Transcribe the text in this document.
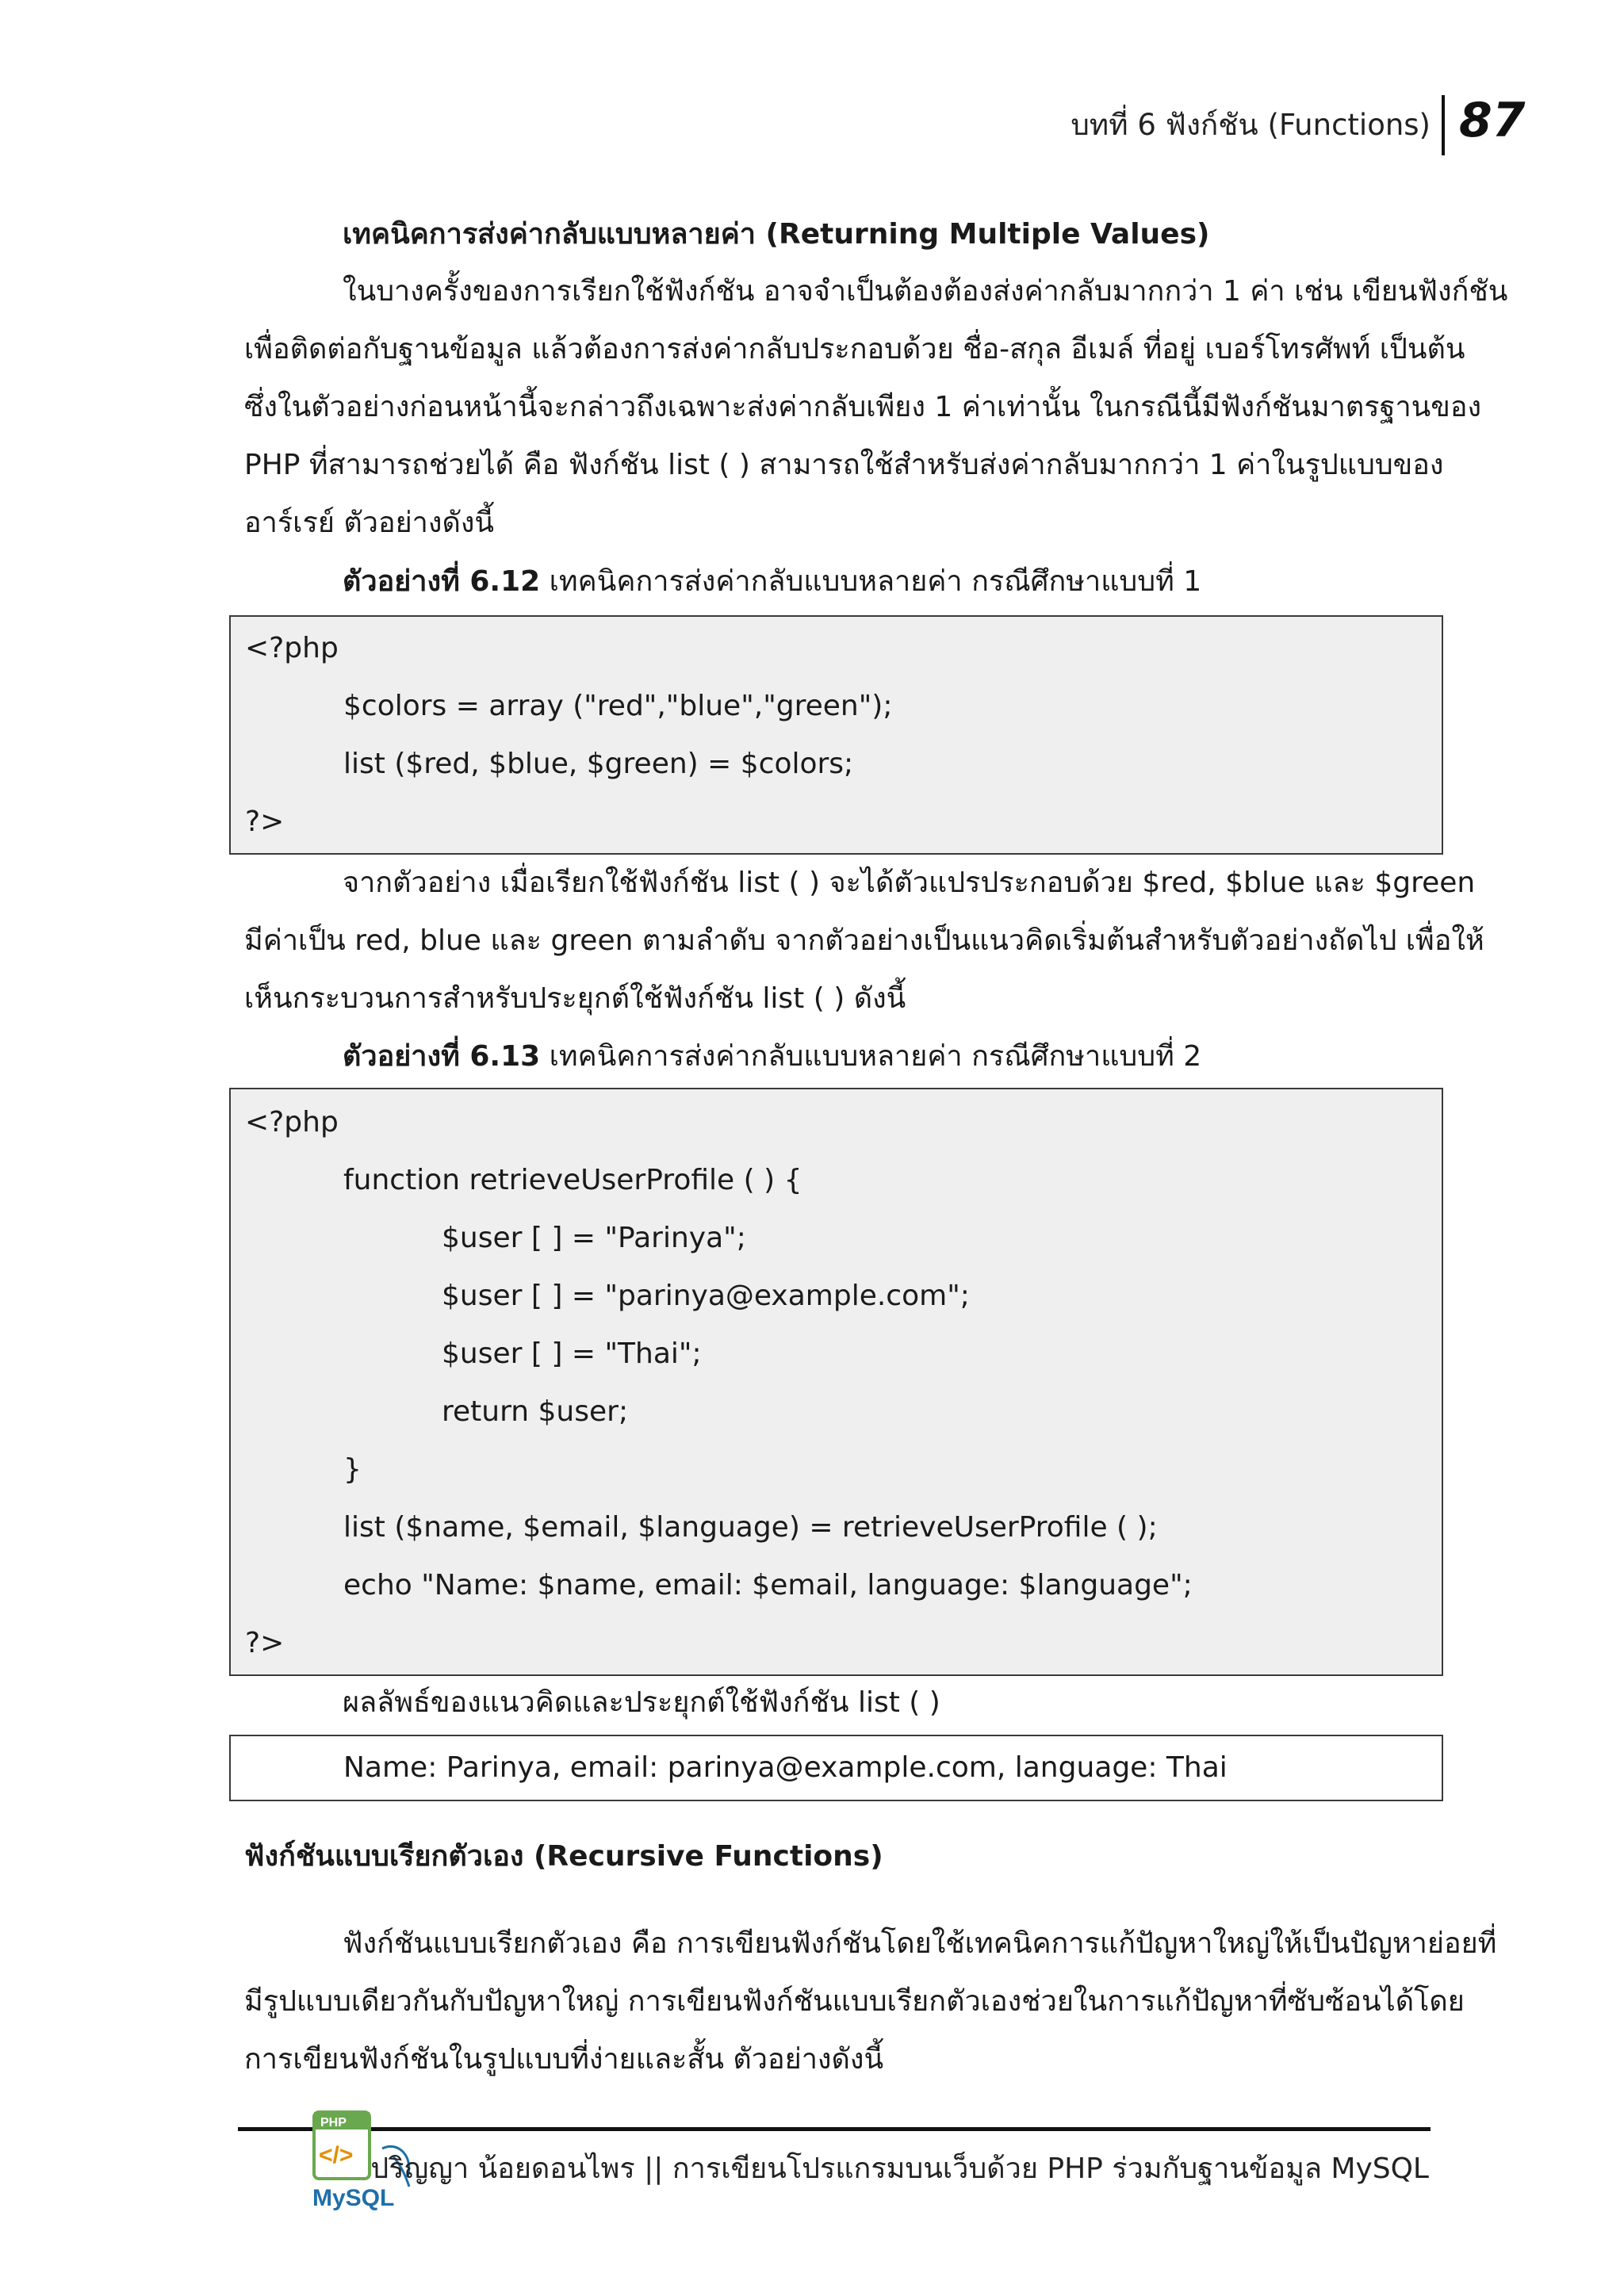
บทที่ 6 ฟังก์ชัน (Functions) 87
เทคนิคการส่งค่ากลับแบบหลายค่า (Returning Multiple Values)
ในบางครั้งของการเรียกใช้ฟังก์ชัน อาจจำเป็นต้องต้องส่งค่ากลับมากกว่า 1 ค่า เช่น เขียนฟังก์ชัน
เพื่อติดต่อกับฐานข้อมูล แล้วต้องการส่งค่ากลับประกอบด้วย ชื่อ-สกุล อีเมล์ ที่อยู่ เบอร์โทรศัพท์ เป็นต้น
ซึ่งในตัวอย่างก่อนหน้านี้จะกล่าวถึงเฉพาะส่งค่ากลับเพียง 1 ค่าเท่านั้น ในกรณีนี้มีฟังก์ชันมาตรฐานของ
PHP ที่สามารถช่วยได้ คือ ฟังก์ชัน list ( ) สามารถใช้สำหรับส่งค่ากลับมากกว่า 1 ค่าในรูปแบบของ
อาร์เรย์ ตัวอย่างดังนี้
ตัวอย่างที่ 6.12 เทคนิคการส่งค่ากลับแบบหลายค่า กรณีศึกษาแบบที่ 1
<?php
$colors = array ("red","blue","green");
list ($red, $blue, $green) = $colors;
?>
จากตัวอย่าง เมื่อเรียกใช้ฟังก์ชัน list ( ) จะได้ตัวแปรประกอบด้วย $red, $blue และ $green
มีค่าเป็น red, blue และ green ตามลำดับ จากตัวอย่างเป็นแนวคิดเริ่มต้นสำหรับตัวอย่างถัดไป เพื่อให้
เห็นกระบวนการสำหรับประยุกต์ใช้ฟังก์ชัน list ( ) ดังนี้
ตัวอย่างที่ 6.13 เทคนิคการส่งค่ากลับแบบหลายค่า กรณีศึกษาแบบที่ 2
<?php
function retrieveUserProfile ( ) {
$user [ ] = "Parinya";
$user [ ] = "parinya@example.com";
$user [ ] = "Thai";
return $user;
}
list ($name, $email, $language) = retrieveUserProfile ( );
echo "Name: $name, email: $email, language: $language";
?>
ผลลัพธ์ของแนวคิดและประยุกต์ใช้ฟังก์ชัน list ( )
Name: Parinya, email: parinya@example.com, language: Thai
ฟังก์ชันแบบเรียกตัวเอง (Recursive Functions)
ฟังก์ชันแบบเรียกตัวเอง คือ การเขียนฟังก์ชันโดยใช้เทคนิคการแก้ปัญหาใหญ่ให้เป็นปัญหาย่อยที่
มีรูปแบบเดียวกันกับปัญหาใหญ่ การเขียนฟังก์ชันแบบเรียกตัวเองช่วยในการแก้ปัญหาที่ซับซ้อนได้โดย
การเขียนฟังก์ชันในรูปแบบที่ง่ายและสั้น ตัวอย่างดังนี้
PHP
</>
MySQL
ปริญญา น้อยดอนไพร || การเขียนโปรแกรมบนเว็บด้วย PHP ร่วมกับฐานข้อมูล MySQL
